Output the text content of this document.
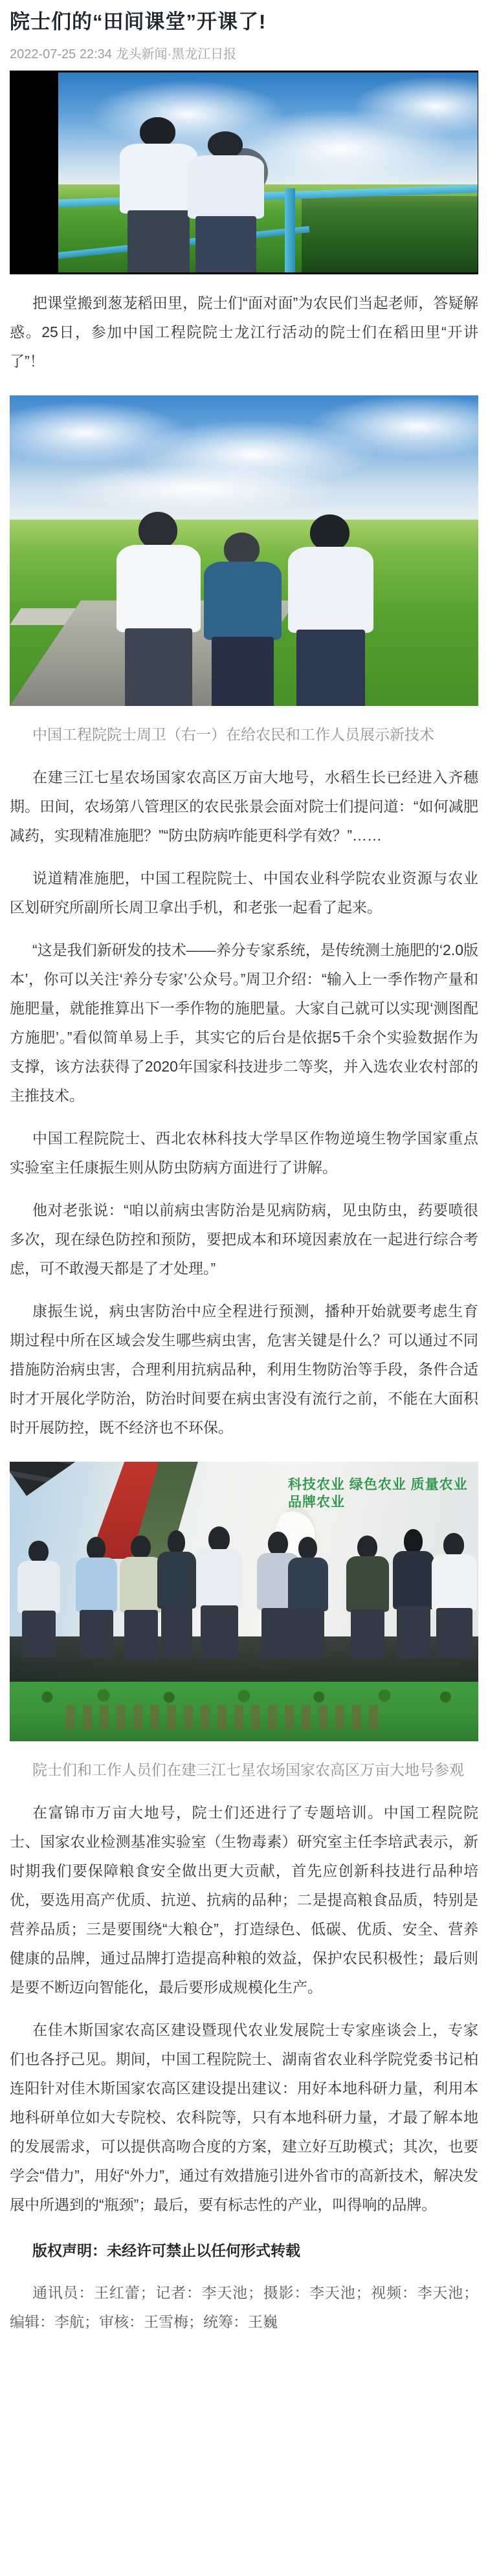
院士们的“田间课堂”开课了!
2022-07-25 22:34 龙头新闻·黑龙江日报

把课堂搬到葱茏稻田里，院士们“面对面”为农民们当起老师，答疑解惑。25日，参加中国工程院院士龙江行活动的院士们在稻田里“开讲了”！

中国工程院院士周卫（右一）在给农民和工作人员展示新技术

在建三江七星农场国家农高区万亩大地号，水稻生长已经进入齐穗期。田间，农场第八管理区的农民张景会面对院士们提问道：“如何减肥减药，实现精准施肥？”“防虫防病咋能更科学有效？”……

说道精准施肥，中国工程院院士、中国农业科学院农业资源与农业区划研究所副所长周卫拿出手机，和老张一起看了起来。

“这是我们新研发的技术——养分专家系统，是传统测土施肥的‘2.0版本’，你可以关注‘养分专家’公众号。”周卫介绍：“输入上一季作物产量和施肥量，就能推算出下一季作物的施肥量。大家自己就可以实现‘测图配方施肥’。”看似简单易上手，其实它的后台是依据5千余个实验数据作为支撑，该方法获得了2020年国家科技进步二等奖，并入选农业农村部的主推技术。

中国工程院院士、西北农林科技大学旱区作物逆境生物学国家重点实验室主任康振生则从防虫防病方面进行了讲解。

他对老张说：“咱以前病虫害防治是见病防病，见虫防虫，药要喷很多次，现在绿色防控和预防，要把成本和环境因素放在一起进行综合考虑，可不敢漫天都是了才处理。”

康振生说，病虫害防治中应全程进行预测，播种开始就要考虑生育期过程中所在区域会发生哪些病虫害，危害关键是什么？可以通过不同措施防治病虫害，合理利用抗病品种，利用生物防治等手段，条件合适时才开展化学防治，防治时间要在病虫害没有流行之前，不能在大面积时开展防控，既不经济也不环保。

科技农业 绿色农业 质量农业 品牌农业
院士们和工作人员们在建三江七星农场国家农高区万亩大地号参观

在富锦市万亩大地号，院士们还进行了专题培训。中国工程院院士、国家农业检测基准实验室（生物毒素）研究室主任李培武表示，新时期我们要保障粮食安全做出更大贡献，首先应创新科技进行品种培优，要选用高产优质、抗逆、抗病的品种；二是提高粮食品质，特别是营养品质；三是要围绕“大粮仓”，打造绿色、低碳、优质、安全、营养健康的品牌，通过品牌打造提高种粮的效益，保护农民积极性；最后则是要不断迈向智能化，最后要形成规模化生产。

在佳木斯国家农高区建设暨现代农业发展院士专家座谈会上，专家们也各抒己见。期间，中国工程院院士、湖南省农业科学院党委书记柏连阳针对佳木斯国家农高区建设提出建议：用好本地科研力量，利用本地科研单位如大专院校、农科院等，只有本地科研力量，才最了解本地的发展需求，可以提供高吻合度的方案，建立好互助模式；其次，也要学会“借力”，用好“外力”，通过有效措施引进外省市的高新技术，解决发展中所遇到的“瓶颈”；最后，要有标志性的产业，叫得响的品牌。

版权声明：未经许可禁止以任何形式转载

通讯员：王红蕾；记者：李天池；摄影：李天池；视频：李天池；编辑：李航；审核：王雪梅；统筹：王巍
